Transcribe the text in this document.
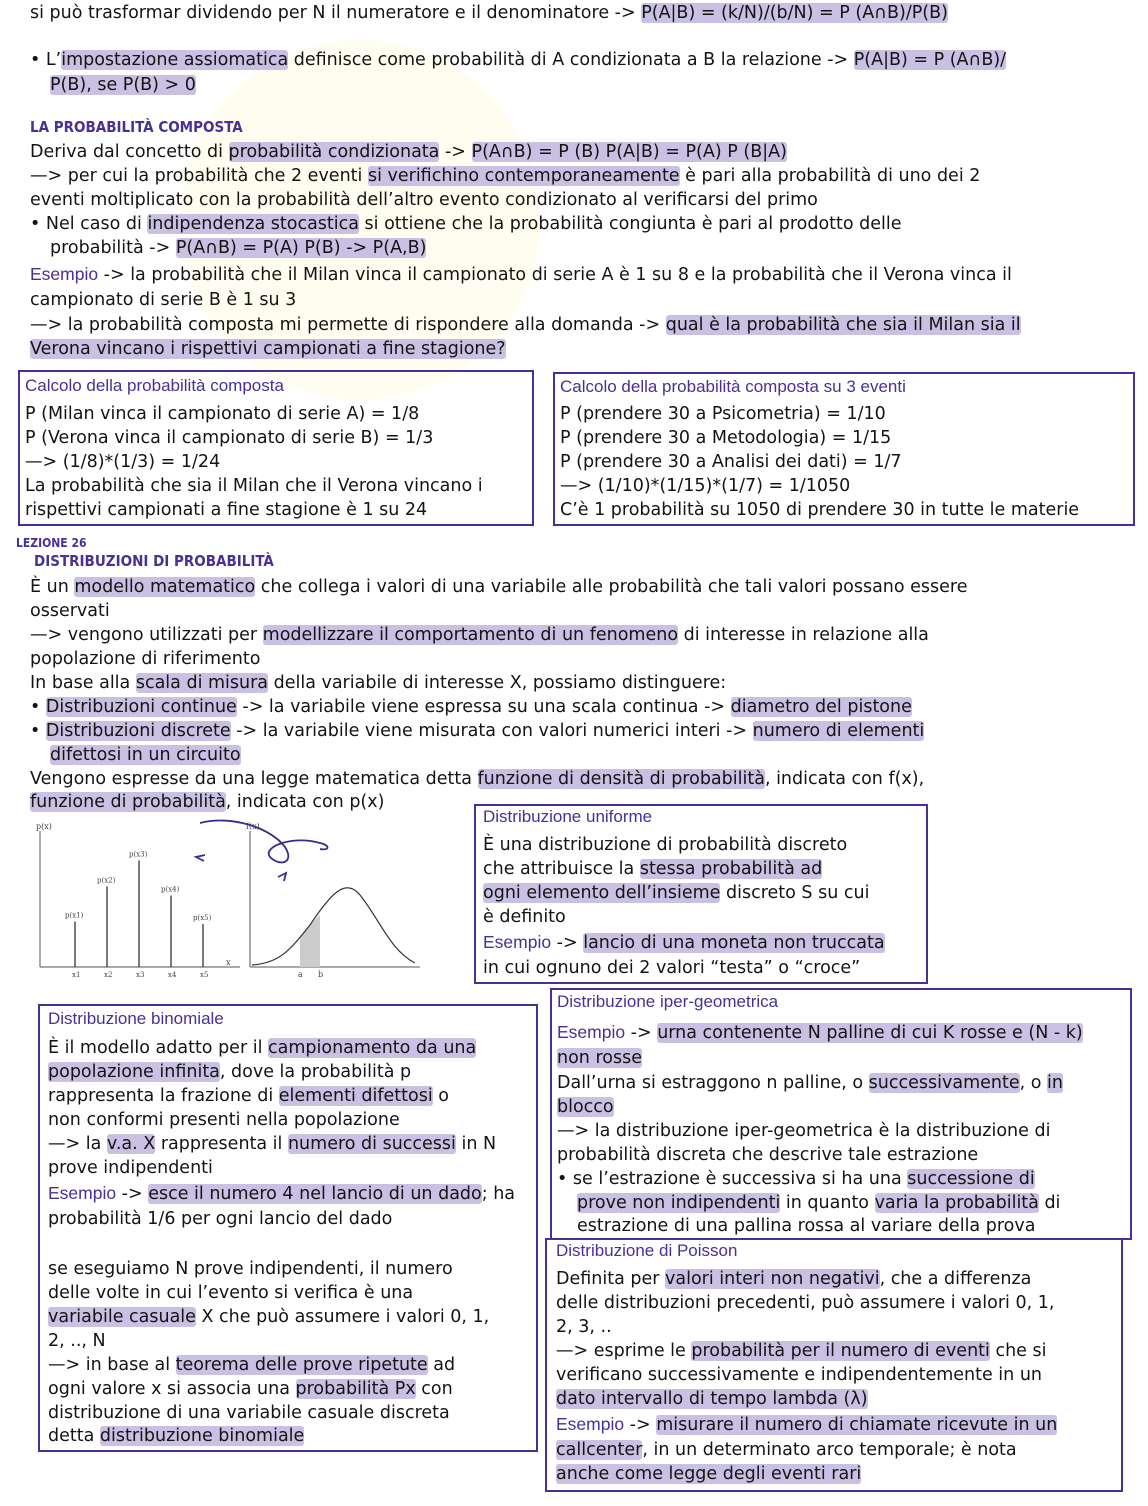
si può trasformar dividendo per N il numeratore e il denominatore -> P(A|B) = (k/N)/(b/N) = P (A∩B)/P(B)
• L’impostazione assiomatica definisce come probabilità di A condizionata a B la relazione -> P(A|B) = P (A∩B)/
P(B), se P(B) > 0
LA PROBABILITÀ COMPOSTA
Deriva dal concetto di probabilità condizionata -> P(A∩B) = P (B) P(A|B) = P(A) P (B|A)
—> per cui la probabilità che 2 eventi si verifichino contemporaneamente è pari alla probabilità di uno dei 2
eventi moltiplicato con la probabilità dell’altro evento condizionato al verificarsi del primo
• Nel caso di indipendenza stocastica si ottiene che la probabilità congiunta è pari al prodotto delle
probabilità -> P(A∩B) = P(A) P(B) -> P(A,B)
Esempio -> la probabilità che il Milan vinca il campionato di serie A è 1 su 8 e la probabilità che il Verona vinca il
campionato di serie B è 1 su 3
—> la probabilità composta mi permette di rispondere alla domanda -> qual è la probabilità che sia il Milan sia il
Verona vincano i rispettivi campionati a fine stagione?
Calcolo della probabilità composta
P (Milan vinca il campionato di serie A) = 1/8
P (Verona vinca il campionato di serie B) = 1/3
—> (1/8)*(1/3) = 1/24
La probabilità che sia il Milan che il Verona vincano i
rispettivi campionati a fine stagione è 1 su 24
Calcolo della probabilità composta su 3 eventi
P (prendere 30 a Psicometria) = 1/10
P (prendere 30 a Metodologia) = 1/15
P (prendere 30 a Analisi dei dati) = 1/7
—> (1/10)*(1/15)*(1/7) = 1/1050
C’è 1 probabilità su 1050 di prendere 30 in tutte le materie
LEZIONE 26
DISTRIBUZIONI DI PROBABILITÀ
È un modello matematico che collega i valori di una variabile alle probabilità che tali valori possano essere
osservati
—> vengono utilizzati per modellizzare il comportamento di un fenomeno di interesse in relazione alla
popolazione di riferimento
In base alla scala di misura della variabile di interesse X, possiamo distinguere:
• Distribuzioni continue -> la variabile viene espressa su una scala continua -> diametro del pistone
• Distribuzioni discrete -> la variabile viene misurata con valori numerici interi -> numero di elementi
difettosi in un circuito
Vengono espresse da una legge matematica detta funzione di densità di probabilità, indicata con f(x),
funzione di probabilità, indicata con p(x)
p(x)
p(x1)
x1
p(x2)
x2
p(x3)
x3
p(x4)
x4
p(x5)
x5
f(x)
x
a b
Distribuzione uniforme
È una distribuzione di probabilità discreto
che attribuisce la stessa probabilità ad
ogni elemento dell’insieme discreto S su cui
è definito
Esempio -> lancio di una moneta non truccata
in cui ognuno dei 2 valori “testa” o “croce”
Distribuzione binomiale
È il modello adatto per il campionamento da una
popolazione infinita, dove la probabilità p
rappresenta la frazione di elementi difettosi o
non conformi presenti nella popolazione
—> la v.a. X rappresenta il numero di successi in N
prove indipendenti
Esempio -> esce il numero 4 nel lancio di un dado; ha
probabilità 1/6 per ogni lancio del dado
se eseguiamo N prove indipendenti, il numero
delle volte in cui l’evento si verifica è una
variabile casuale X che può assumere i valori 0, 1,
2, .., N
—> in base al teorema delle prove ripetute ad
ogni valore x si associa una probabilità Px con
distribuzione di una variabile casuale discreta
detta distribuzione binomiale
Distribuzione iper-geometrica
Esempio -> urna contenente N palline di cui K rosse e (N - k)
non rosse
Dall’urna si estraggono n palline, o successivamente, o in
blocco
—> la distribuzione iper-geometrica è la distribuzione di
probabilità discreta che descrive tale estrazione
• se l’estrazione è successiva si ha una successione di
prove non indipendenti in quanto varia la probabilità di
estrazione di una pallina rossa al variare della prova
Distribuzione di Poisson
Definita per valori interi non negativi, che a differenza
delle distribuzioni precedenti, può assumere i valori 0, 1,
2, 3, ..
—> esprime le probabilità per il numero di eventi che si
verificano successivamente e indipendentemente in un
dato intervallo di tempo lambda (λ)
Esempio -> misurare il numero di chiamate ricevute in un
callcenter, in un determinato arco temporale; è nota
anche come legge degli eventi rari
